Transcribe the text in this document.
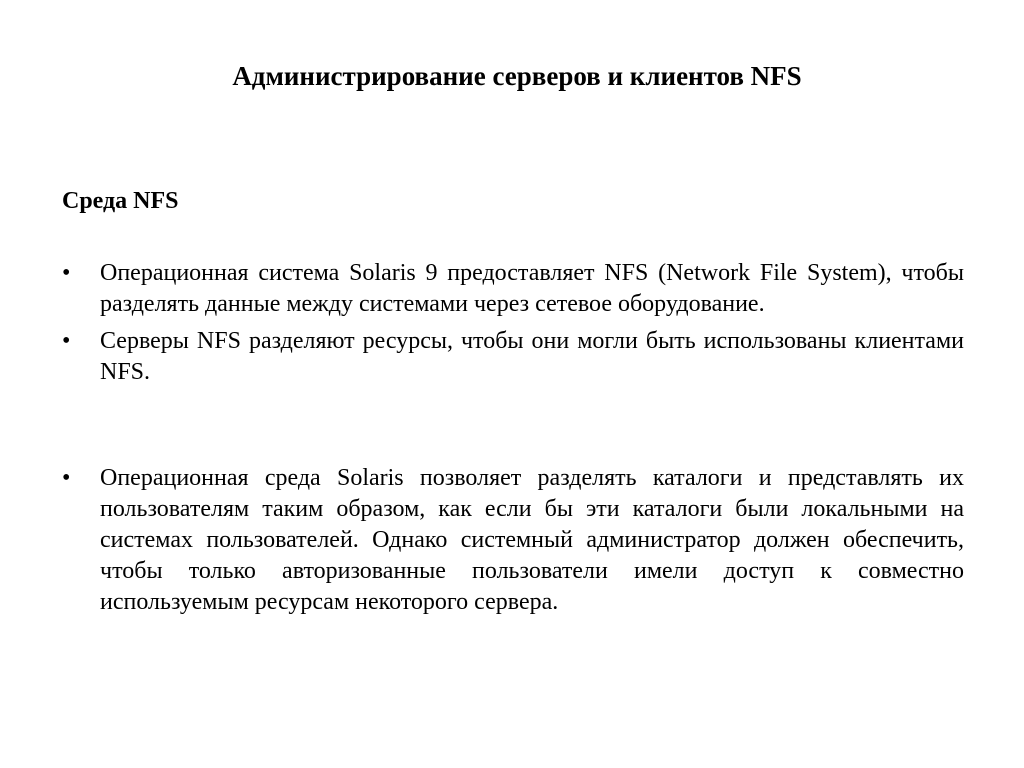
Администрирование серверов и клиентов NFS
Среда NFS
•	Операционная система Solaris 9 предоставляет NFS (Network File System), чтобы разделять данные между системами через сетевое оборудование.
•	Серверы NFS разделяют ресурсы, чтобы они могли быть использованы клиентами NFS.
•	Операционная среда Solaris позволяет разделять каталоги и представлять их пользователям таким образом, как если бы эти каталоги были локальными на системах пользователей. Однако системный администратор должен обеспечить, чтобы только авторизованные пользователи имели доступ к совместно используемым ресурсам некоторого сервера.
